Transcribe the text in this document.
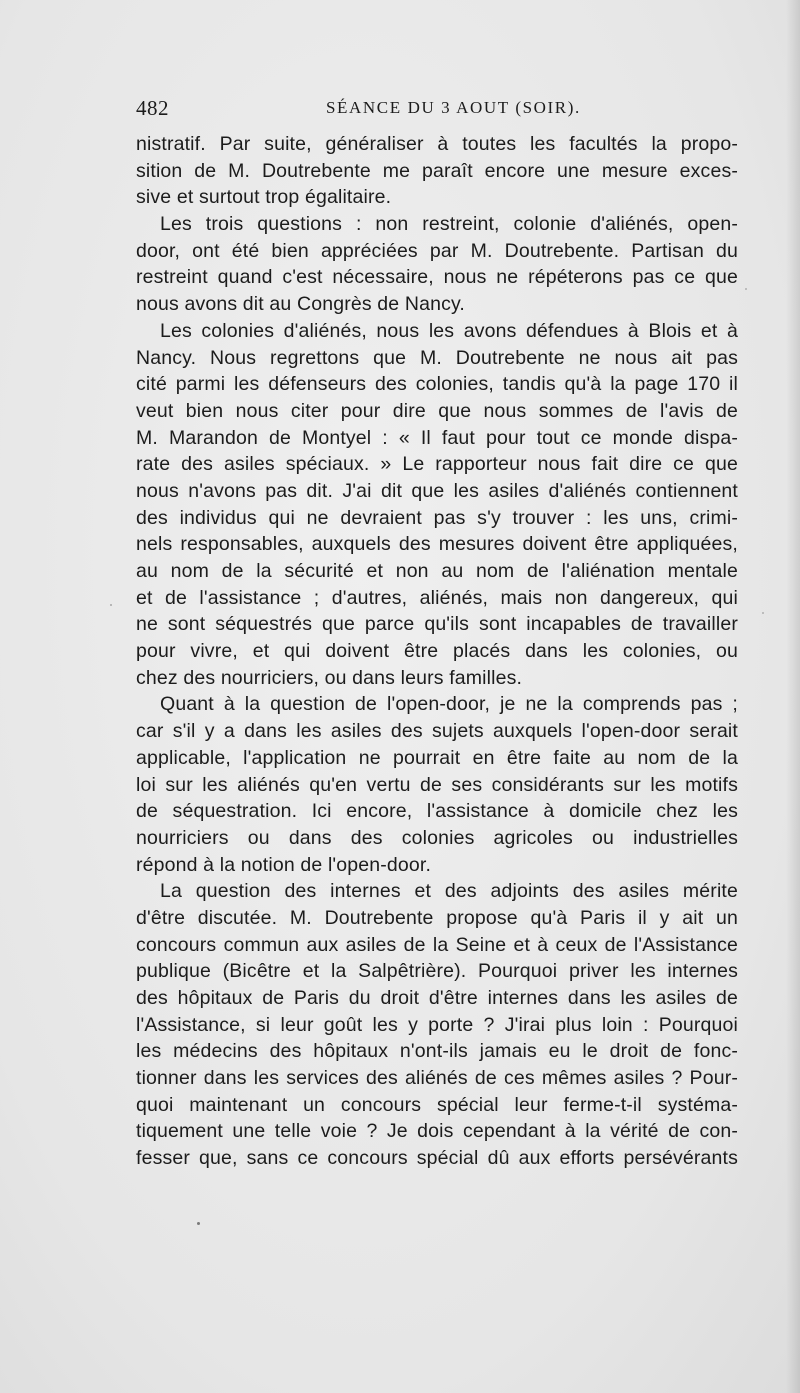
482	SÉANCE DU 3 AOUT (SOIR).
nistratif. Par suite, généraliser à toutes les facultés la propo-
sition de M. Doutrebente me paraît encore une mesure exces-
sive et surtout trop égalitaire.
Les trois questions : non restreint, colonie d'aliénés, open-
door, ont été bien appréciées par M. Doutrebente. Partisan du
restreint quand c'est nécessaire, nous ne répéterons pas ce que
nous avons dit au Congrès de Nancy.
Les colonies d'aliénés, nous les avons défendues à Blois et à
Nancy. Nous regrettons que M. Doutrebente ne nous ait pas
cité parmi les défenseurs des colonies, tandis qu'à la page 170 il
veut bien nous citer pour dire que nous sommes de l'avis de
M. Marandon de Montyel : « Il faut pour tout ce monde dispa-
rate des asiles spéciaux. » Le rapporteur nous fait dire ce que
nous n'avons pas dit. J'ai dit que les asiles d'aliénés contiennent
des individus qui ne devraient pas s'y trouver : les uns, crimi-
nels responsables, auxquels des mesures doivent être appliquées,
au nom de la sécurité et non au nom de l'aliénation mentale
et de l'assistance ; d'autres, aliénés, mais non dangereux, qui
ne sont séquestrés que parce qu'ils sont incapables de travailler
pour vivre, et qui doivent être placés dans les colonies, ou
chez des nourriciers, ou dans leurs familles.
Quant à la question de l'open-door, je ne la comprends pas ;
car s'il y a dans les asiles des sujets auxquels l'open-door serait
applicable, l'application ne pourrait en être faite au nom de la
loi sur les aliénés qu'en vertu de ses considérants sur les motifs
de séquestration. Ici encore, l'assistance à domicile chez les
nourriciers ou dans des colonies agricoles ou industrielles
répond à la notion de l'open-door.
La question des internes et des adjoints des asiles mérite
d'être discutée. M. Doutrebente propose qu'à Paris il y ait un
concours commun aux asiles de la Seine et à ceux de l'Assistance
publique (Bicêtre et la Salpêtrière). Pourquoi priver les internes
des hôpitaux de Paris du droit d'être internes dans les asiles de
l'Assistance, si leur goût les y porte ? J'irai plus loin : Pourquoi
les médecins des hôpitaux n'ont-ils jamais eu le droit de fonc-
tionner dans les services des aliénés de ces mêmes asiles ? Pour-
quoi maintenant un concours spécial leur ferme-t-il systéma-
tiquement une telle voie ? Je dois cependant à la vérité de con-
fesser que, sans ce concours spécial dû aux efforts persévérants
